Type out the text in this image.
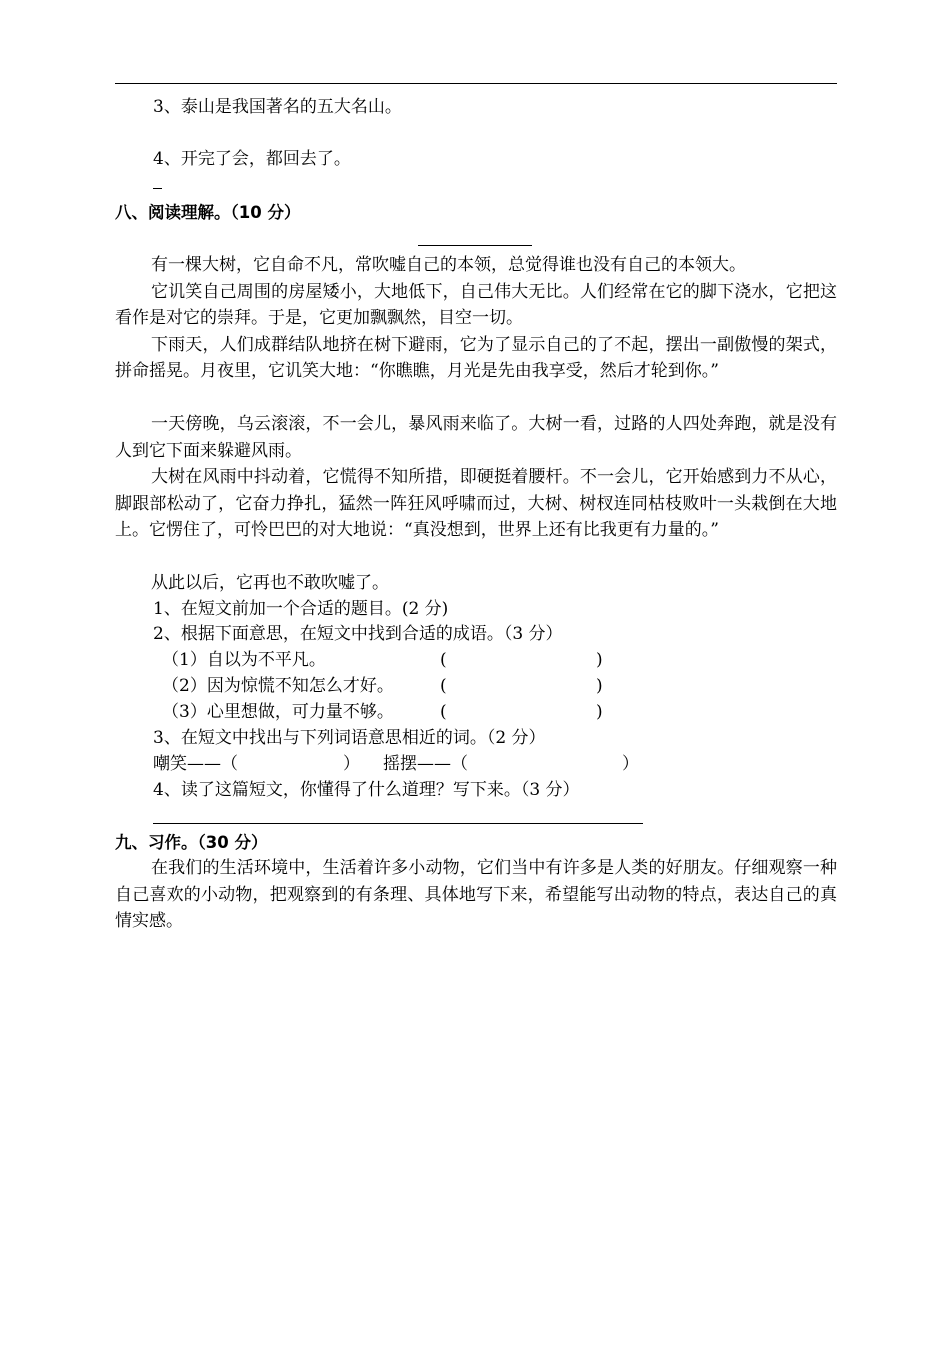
3、泰山是我国著名的五大名山。
4、开完了会，都回去了。
八、阅读理解。（10 分）
有一棵大树，它自命不凡，常吹嘘自己的本领，总觉得谁也没有自己的本领大。
它讥笑自己周围的房屋矮小，大地低下，自己伟大无比。人们经常在它的脚下浇水，它把这看作是对它的崇拜。于是，它更加飘飘然，目空一切。
下雨天，人们成群结队地挤在树下避雨，它为了显示自己的了不起，摆出一副傲慢的架式，拼命摇晃。月夜里，它讥笑大地：“你瞧瞧，月光是先由我享受，然后才轮到你。”
一天傍晚，乌云滚滚，不一会儿，暴风雨来临了。大树一看，过路的人四处奔跑，就是没有人到它下面来躲避风雨。
大树在风雨中抖动着，它慌得不知所措，即硬挺着腰杆。不一会儿，它开始感到力不从心，脚跟部松动了，它奋力挣扎，猛然一阵狂风呼啸而过，大树、树杈连同枯枝败叶一头栽倒在大地上。它愣住了，可怜巴巴的对大地说：“真没想到，世界上还有比我更有力量的。”
从此以后，它再也不敢吹嘘了。
1、在短文前加一个合适的题目。(2 分)
2、根据下面意思，在短文中找到合适的成语。（3 分）
（1）自以为不平凡。	(	)
（2）因为惊慌不知怎么才好。	(	)
（3）心里想做，可力量不够。	(	)
3、在短文中找出与下列词语意思相近的词。（2 分）
嘲笑——（	） 摇摆——（	）
4、读了这篇短文，你懂得了什么道理？写下来。（3 分）
九、习作。（30 分）
在我们的生活环境中，生活着许多小动物，它们当中有许多是人类的好朋友。仔细观察一种自己喜欢的小动物，把观察到的有条理、具体地写下来，希望能写出动物的特点，表达自己的真情实感。
